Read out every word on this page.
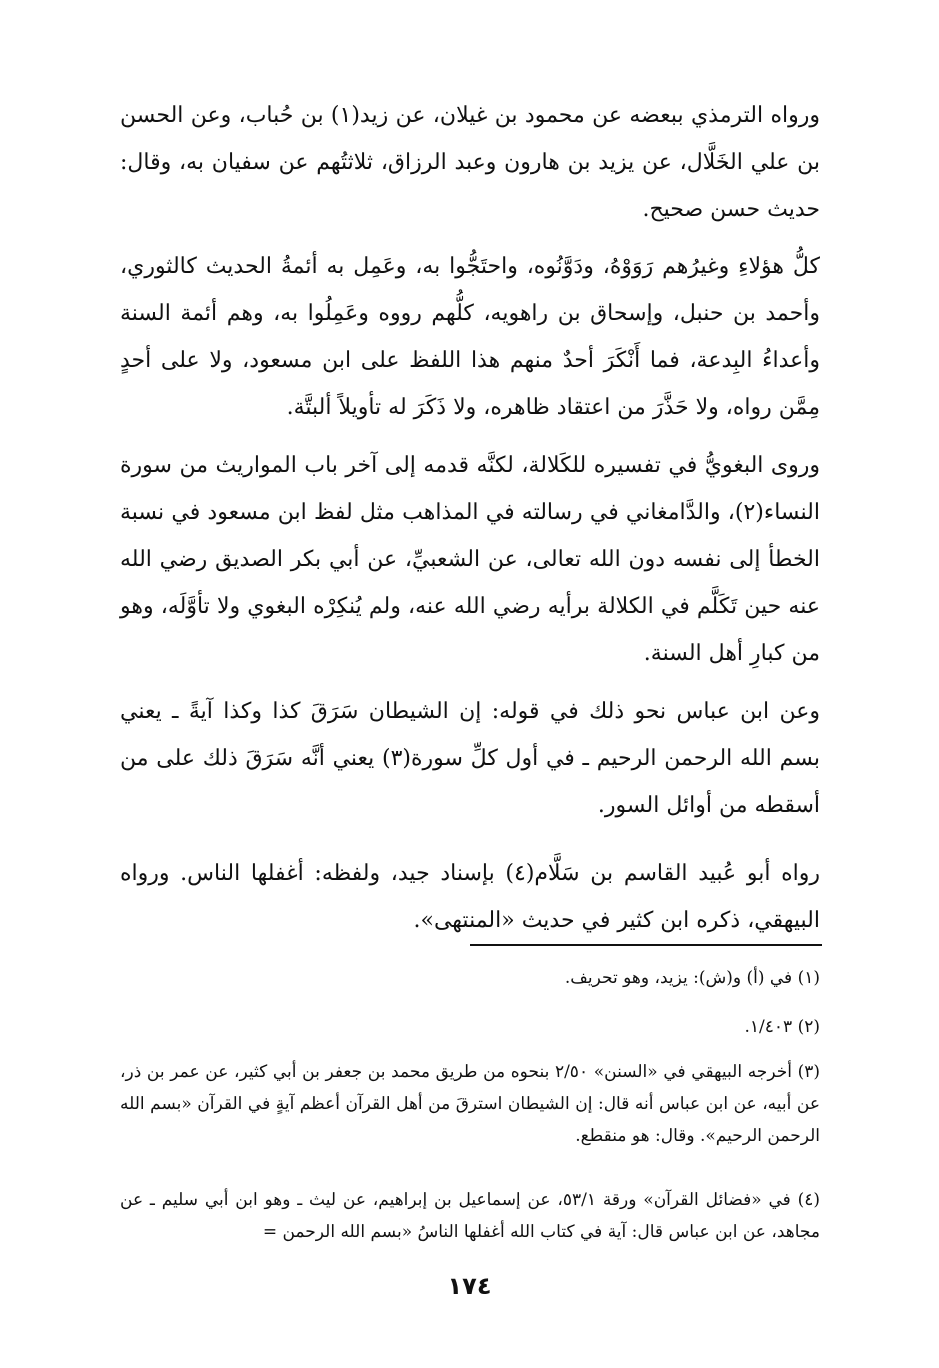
ورواه الترمذي ببعضه عن محمود بن غيلان، عن زيد(١) بن حُباب، وعن الحسن بن علي الخَلَّال، عن يزيد بن هارون وعبد الرزاق، ثلاثتُهم عن سفيان به، وقال: حديث حسن صحيح.

كلُّ هؤلاءِ وغيرُهم رَوَوْهُ، ودَوَّنُوه، واحتَجُّوا به، وعَمِل به أئمةُ الحديث كالثوري، وأحمد بن حنبل، وإسحاق بن راهويه، كلُّهم رووه وعَمِلُوا به، وهم أئمة السنة وأعداءُ البِدعة، فما أَنْكَرَ أحدٌ منهم هذا اللفظ على ابن مسعود، ولا على أحدٍ مِمَّن رواه، ولا حَذَّرَ من اعتقاد ظاهره، ولا ذَكَرَ له تأويلاً ألبتَّة.

وروى البغويُّ في تفسيره للكَلالة، لكنَّه قدمه إلى آخر باب المواريث من سورة النساء(٢)، والدَّامغاني في رسالته في المذاهب مثل لفظ ابن مسعود في نسبة الخطأ إلى نفسه دون الله تعالى، عن الشعبيِّ، عن أبي بكر الصديق رضي الله عنه حين تَكَلَّم في الكلالة برأيه رضي الله عنه، ولم يُنكِرْه البغوي ولا تأوَّلَه، وهو من كبارِ أهل السنة.

وعن ابن عباس نحو ذلك في قوله: إن الشيطان سَرَقَ كذا وكذا آيةً ـ يعني بسم الله الرحمن الرحيم ـ في أول كلِّ سورة(٣) يعني أنَّه سَرَقَ ذلك على من أسقطه من أوائل السور.

رواه أبو عُبيد القاسم بن سَلَّام(٤) بإسناد جيد، ولفظه: أغفلها الناس. ورواه البيهقي، ذكره ابن كثير في حديث «المنتهى».

(١) في (أ) و(ش): يزيد، وهو تحريف.

(٢) ١/٤٠٣.

(٣) أخرجه البيهقي في «السنن» ٢/٥٠ بنحوه من طريق محمد بن جعفر بن أبي كثير، عن عمر بن ذر، عن أبيه، عن ابن عباس أنه قال: إن الشيطان استرقَ من أهل القرآن أعظم آيةٍ في القرآن «بسم الله الرحمن الرحيم». وقال: هو منقطع.

(٤) في «فضائل القرآن» ورقة ٥٣/١، عن إسماعيل بن إبراهيم، عن ليث ـ وهو ابن أبي سليم ـ عن مجاهد، عن ابن عباس قال: آية في كتاب الله أغفلها الناسُ «بسم الله الرحمن =

١٧٤
